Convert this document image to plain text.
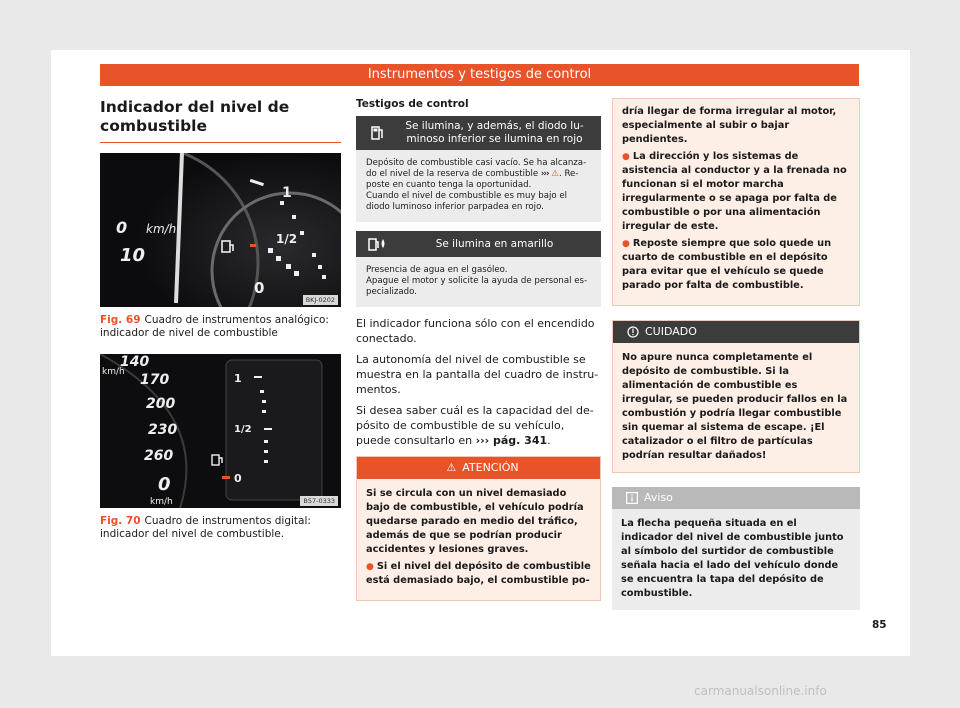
Instrumentos y testigos de control
Indicador del nivel de combustible
1
1/2
0
0 km/h
10
BKJ-0202
Fig. 69 Cuadro de instrumentos analógico: indicador de nivel de combustible
1
1/2
0
km/h
140
170
200
230
260
0
km/h	B57-0333
Fig. 70 Cuadro de instrumentos digital: indicador del nivel de combustible.
Testigos de control
Se ilumina, y además, el diodo luminoso inferior se ilumina en rojo

Depósito de combustible casi vacío. Se ha alcanzado el nivel de la reserva de combustible ››› ⚠. Reposte en cuanto tenga la oportunidad.

Cuando el nivel de combustible es muy bajo el diodo luminoso inferior parpadea en rojo.

Se ilumina en amarillo

Presencia de agua en el gasóleo.

Apague el motor y solicite la ayuda de personal especializado.

El indicador funciona sólo con el encendido conectado.

La autonomía del nivel de combustible se muestra en la pantalla del cuadro de instrumentos.

Si desea saber cuál es la capacidad del depósito de combustible de su vehículo, puede consultarlo en ››› pág. 341.

⚠ ATENCIÓN

Si se circula con un nivel demasiado bajo de combustible, el vehículo podría quedarse parado en medio del tráfico, además de que se podrían producir accidentes y lesiones graves.

● Si el nivel del depósito de combustible está demasiado bajo, el combustible po-

dría llegar de forma irregular al motor, especialmente al subir o bajar pendientes.

● La dirección y los sistemas de asistencia al conductor y a la frenada no funcionan si el motor marcha irregularmente o se apaga por falta de combustible o por una alimentación irregular de este.

● Reposte siempre que solo quede un cuarto de combustible en el depósito para evitar que el vehículo se quede parado por falta de combustible.

CUIDADO
No apure nunca completamente el depósito de combustible. Si la alimentación de combustible es irregular, se pueden producir fallos en la combustión y podría llegar combustible sin quemar al sistema de escape. ¡El catalizador o el filtro de partículas podrían resultar dañados!
Aviso
La flecha pequeña situada en el indicador del nivel de combustible junto al símbolo del surtidor de combustible señala hacia el lado del vehículo donde se encuentra la tapa del depósito de combustible.
85
carmanualsonline.info
